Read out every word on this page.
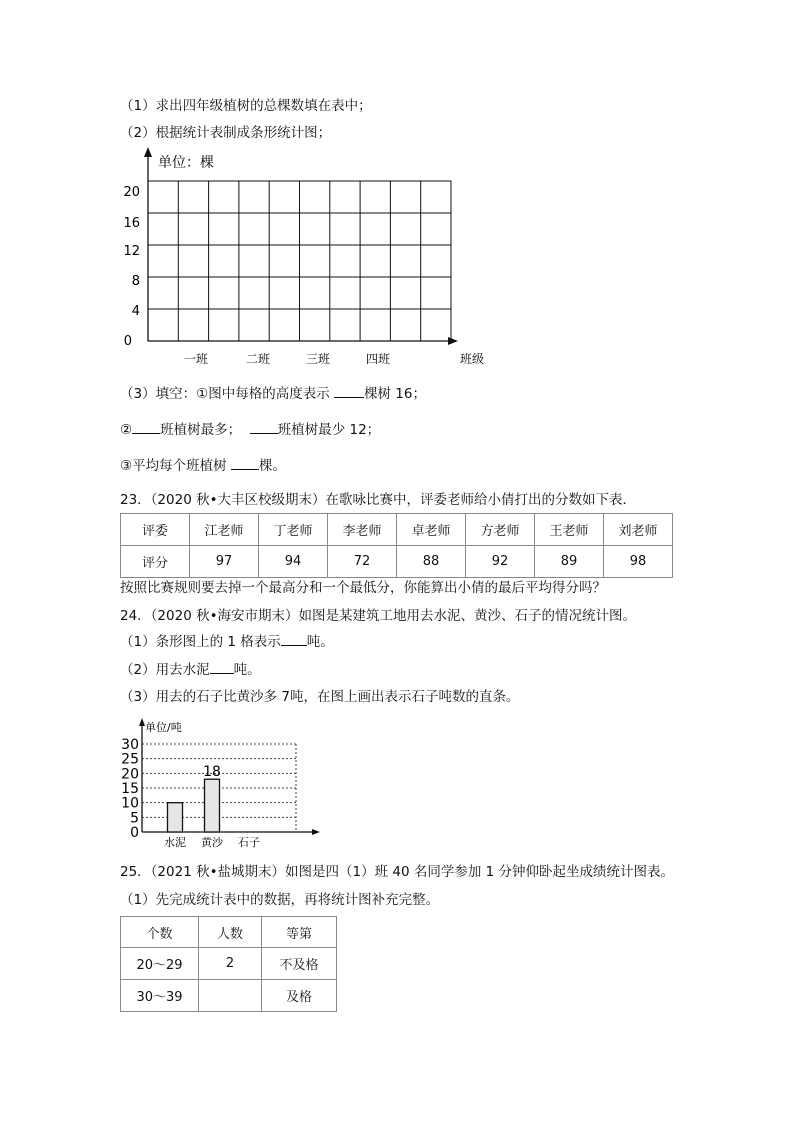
（1）求出四年级植树的总棵数填在表中；
（2）根据统计表制成条形统计图；
单位：棵
20
16
12
8
4
0
一班	二班	三班	四班	班级
（3）填空：①图中每格的高度表示 棵树 16；
② 班植树最多；	班植树最少 12；
③平均每个班植树 棵。
23．（2020 秋•大丰区校级期末）在歌咏比赛中，评委老师给小倩打出的分数如下表．
评委	江老师	丁老师	李老师	卓老师	方老师	王老师	刘老师
评分	97	94	72	88	92	89	98
按照比赛规则要去掉一个最高分和一个最低分，你能算出小倩的最后平均得分吗？
24．（2020 秋•海安市期末）如图是某建筑工地用去水泥、黄沙、石子的情况统计图。
（1）条形图上的 1 格表示 吨。
（2）用去水泥 吨。
（3）用去的石子比黄沙多 7吨，在图上画出表示石子吨数的直条。
单位/吨
30
25
20
15
10
5
0
18
水泥 黄沙 石子
25．（2021 秋•盐城期末）如图是四（1）班 40 名同学参加 1 分钟仰卧起坐成绩统计图表。
（1）先完成统计表中的数据，再将统计图补充完整。
个数	人数	等第
20～29	2	不及格
30～39		及格
